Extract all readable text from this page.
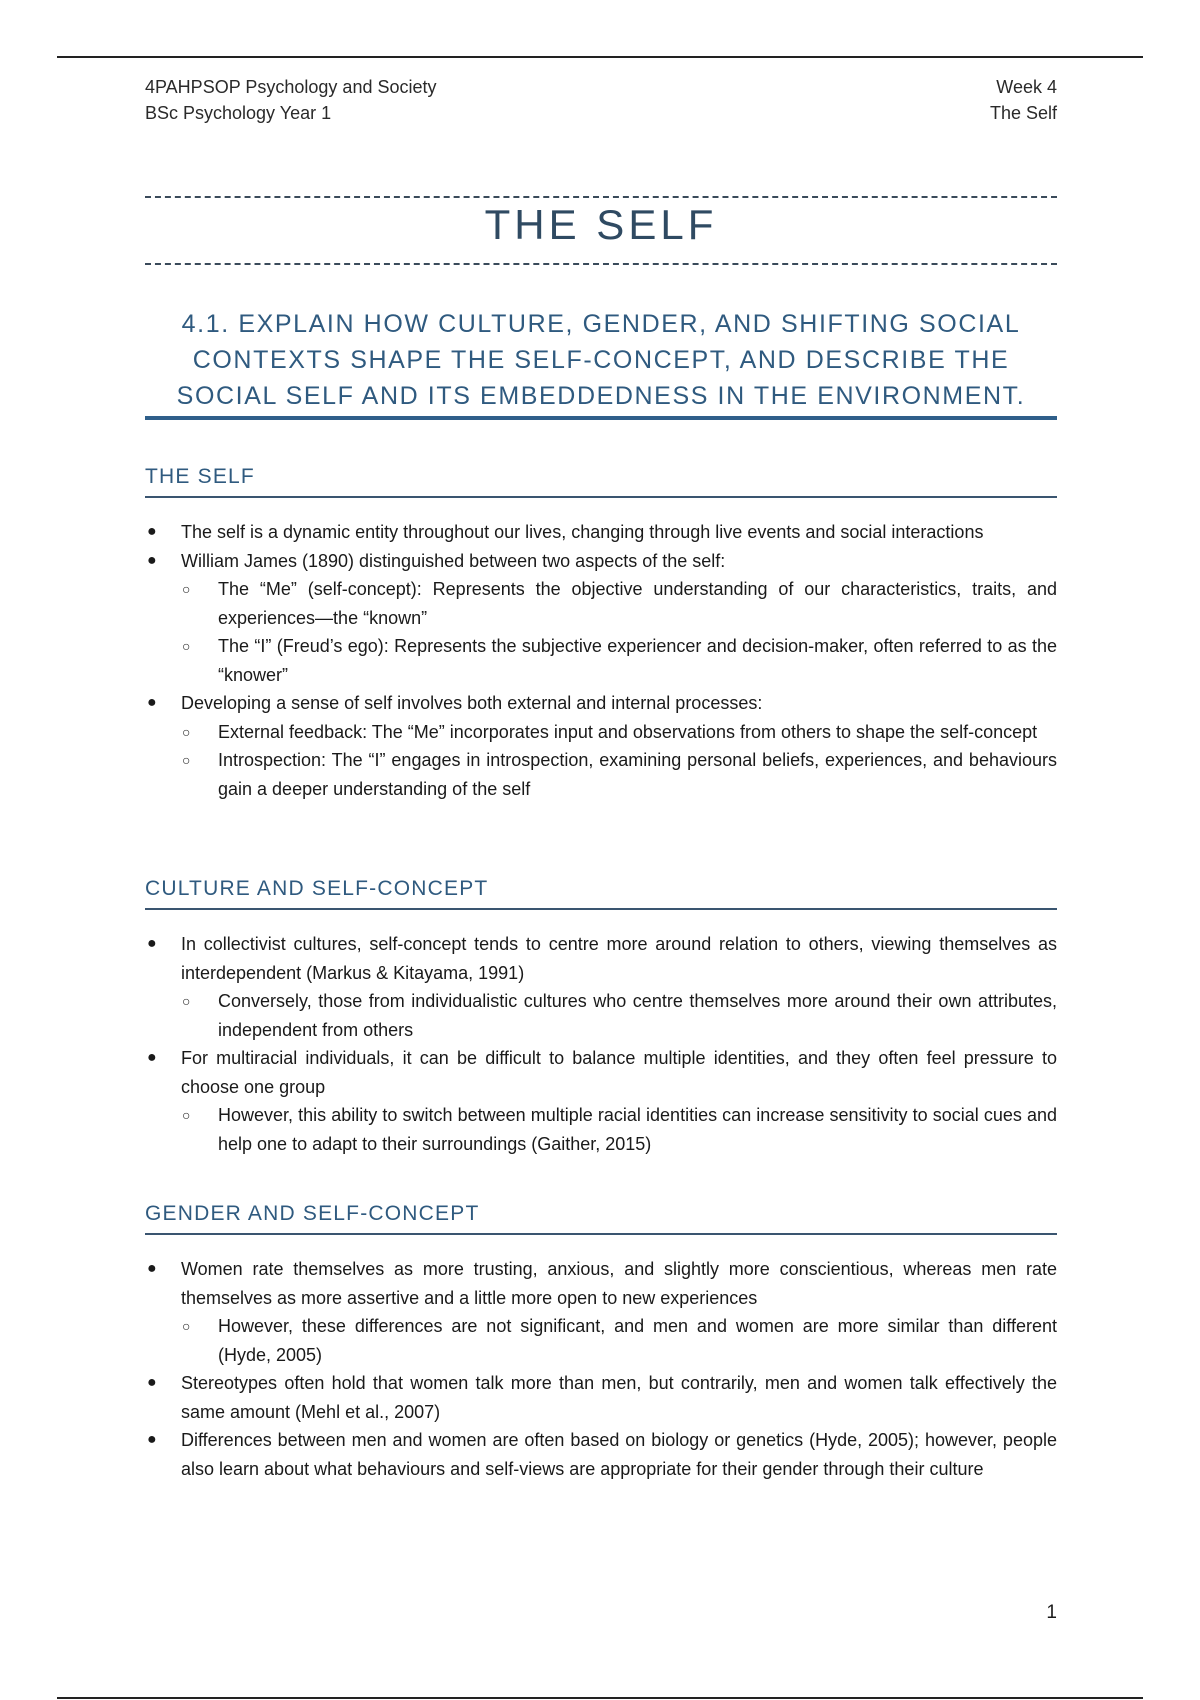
4PAHPSOP Psychology and Society
BSc Psychology Year 1
Week 4
The Self
THE SELF
4.1. EXPLAIN HOW CULTURE, GENDER, AND SHIFTING SOCIAL
CONTEXTS SHAPE THE SELF-CONCEPT, AND DESCRIBE THE
SOCIAL SELF AND ITS EMBEDDEDNESS IN THE ENVIRONMENT.
THE SELF
● The self is a dynamic entity throughout our lives, changing through live events and social interactions
● William James (1890) distinguished between two aspects of the self:
○ The “Me” (self-concept): Represents the objective understanding of our characteristics, traits, and experiences—the “known”
○ The “I” (Freud’s ego): Represents the subjective experiencer and decision-maker, often referred to as the “knower”
● Developing a sense of self involves both external and internal processes:
○ External feedback: The “Me” incorporates input and observations from others to shape the self-concept
○ Introspection: The “I” engages in introspection, examining personal beliefs, experiences, and behaviours gain a deeper understanding of the self
CULTURE AND SELF-CONCEPT
● In collectivist cultures, self-concept tends to centre more around relation to others, viewing themselves as interdependent (Markus & Kitayama, 1991)
○ Conversely, those from individualistic cultures who centre themselves more around their own attributes, independent from others
● For multiracial individuals, it can be difficult to balance multiple identities, and they often feel pressure to choose one group
○ However, this ability to switch between multiple racial identities can increase sensitivity to social cues and help one to adapt to their surroundings (Gaither, 2015)
GENDER AND SELF-CONCEPT
● Women rate themselves as more trusting, anxious, and slightly more conscientious, whereas men rate themselves as more assertive and a little more open to new experiences
○ However, these differences are not significant, and men and women are more similar than different (Hyde, 2005)
● Stereotypes often hold that women talk more than men, but contrarily, men and women talk effectively the same amount (Mehl et al., 2007)
● Differences between men and women are often based on biology or genetics (Hyde, 2005); however, people also learn about what behaviours and self-views are appropriate for their gender through their culture
1
